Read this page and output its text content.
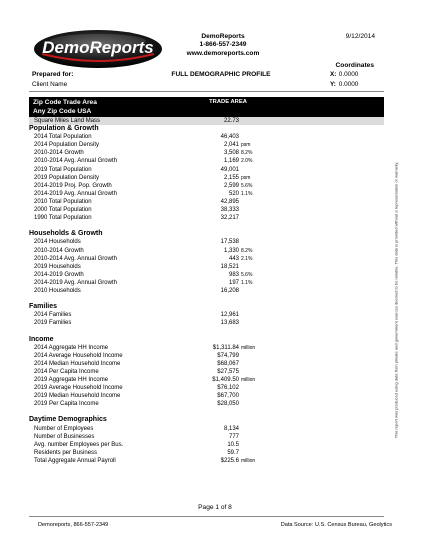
DemoReports
DemoReports
1-866-557-2349
www.demoreports.com
9/12/2014
Coordinates
X: 0.0000
Y: 0.0000
Prepared for:
Client Name
FULL DEMOGRAPHIC PROFILE
Zip Code Trade Area	TRADE AREA
Any Zip Code USA
Square Miles Land Mass	22.73
Population & Growth
2014 Total Population	46,403
2014 Population Density	2,041 psm
2010-2014 Growth	3,508 8.2%
2010-2014 Avg. Annual Growth	1,169 2.0%
2019 Total Population	49,001
2019 Population Density	2,155 psm
2014-2019 Proj. Pop. Growth	2,599 5.6%
2014-2019 Avg. Annual Growth	520 1.1%
2010 Total Population	42,895
2000 Total Population	38,333
1990 Total Population	32,217
Households & Growth
2014 Households	17,538
2010-2014 Growth	1,330 8.2%
2010-2014 Avg. Annual Growth	443 2.1%
2019 Households	18,521
2014-2019 Growth	983 5.6%
2014-2019 Avg. Annual Growth	197 1.1%
2010 Households	16,208
Families
2014 Families	12,961
2019 Families	13,683
Income
2014 Aggregate HH Income	$1,311.84 million
2014 Average Household Income	$74,799
2014 Median Household Income	$68,067
2014 Per Capita Income	$27,575
2019 Aggregate HH Income	$1,409.50 million
2019 Average Household Income	$76,102
2019 Median Household Income	$67,700
2019 Per Capita Income	$28,050
Daytime Demographics
Number of Employees	8,134
Number of Businesses	777
Avg. number Employees per Bus.	10.5
Residents per Business	59.7
Total Aggregate Annual Payroll	$225.6 million
Page 1 of 8
Demoreports, 866-557-2349	Data Source: U.S. Census Bureau, Geolytics
This report was produced using data from private and government sources deemed to be reliable. This data is provided without a representation or warranty.
